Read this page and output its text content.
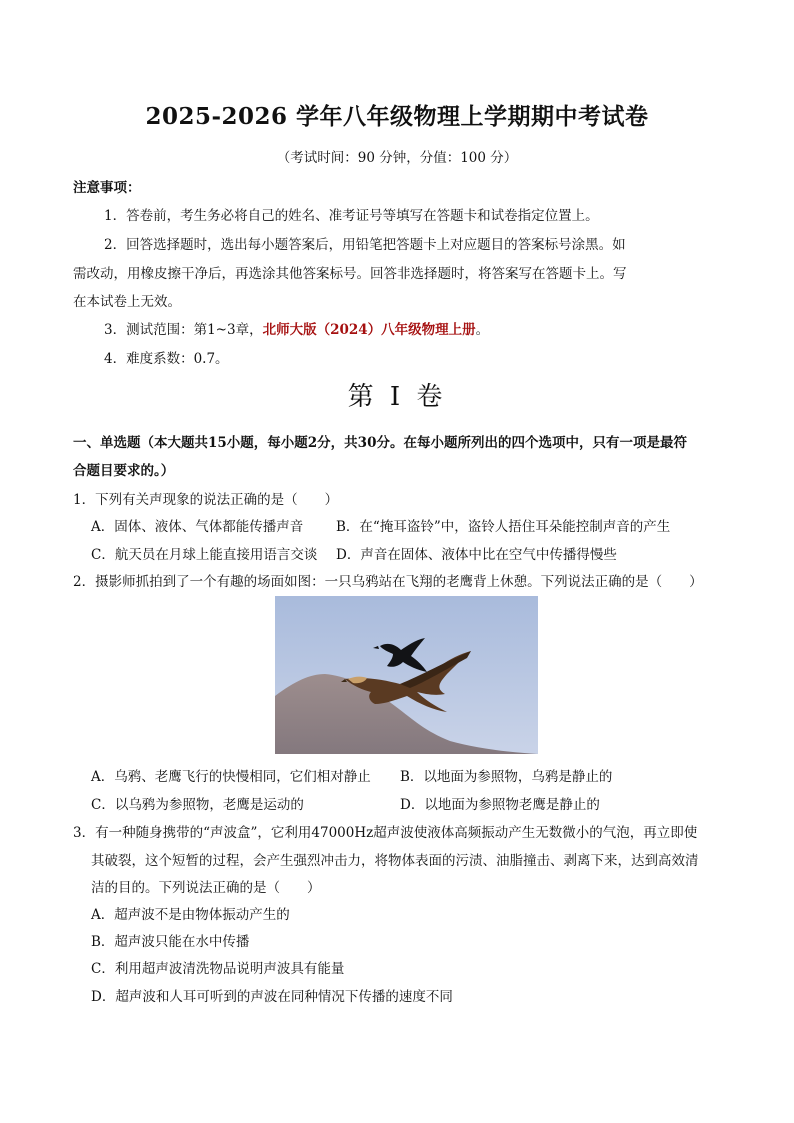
2025-2026 学年八年级物理上学期期中考试卷
（考试时间：90 分钟，分值：100 分）
注意事项：
1．答卷前，考生务必将自己的姓名、准考证号等填写在答题卡和试卷指定位置上。
2．回答选择题时，选出每小题答案后，用铅笔把答题卡上对应题目的答案标号涂黑。如
需改动，用橡皮擦干净后，再选涂其他答案标号。回答非选择题时，将答案写在答题卡上。写
在本试卷上无效。
3．测试范围：第1~3章，北师大版（2024）八年级物理上册。
4．难度系数：0.7。
第 I 卷
一、单选题（本大题共15小题，每小题2分，共30分。在每小题所列出的四个选项中，只有一项是最符
合题目要求的。）
1．下列有关声现象的说法正确的是（　　）
A．固体、液体、气体都能传播声音 B．在“掩耳盗铃”中，盗铃人捂住耳朵能控制声音的产生
C．航天员在月球上能直接用语言交谈 D．声音在固体、液体中比在空气中传播得慢些
2．摄影师抓拍到了一个有趣的场面如图：一只乌鸦站在飞翔的老鹰背上休憩。下列说法正确的是（　　）
A．乌鸦、老鹰飞行的快慢相同，它们相对静止 B．以地面为参照物，乌鸦是静止的
C．以乌鸦为参照物，老鹰是运动的	D．以地面为参照物老鹰是静止的
3．有一种随身携带的“声波盒”，它利用47000Hz超声波使液体高频振动产生无数微小的气泡，再立即使
其破裂，这个短暂的过程，会产生强烈冲击力，将物体表面的污渍、油脂撞击、剥离下来，达到高效清
洁的目的。下列说法正确的是（　　）
A．超声波不是由物体振动产生的
B．超声波只能在水中传播
C．利用超声波清洗物品说明声波具有能量
D．超声波和人耳可听到的声波在同种情况下传播的速度不同
